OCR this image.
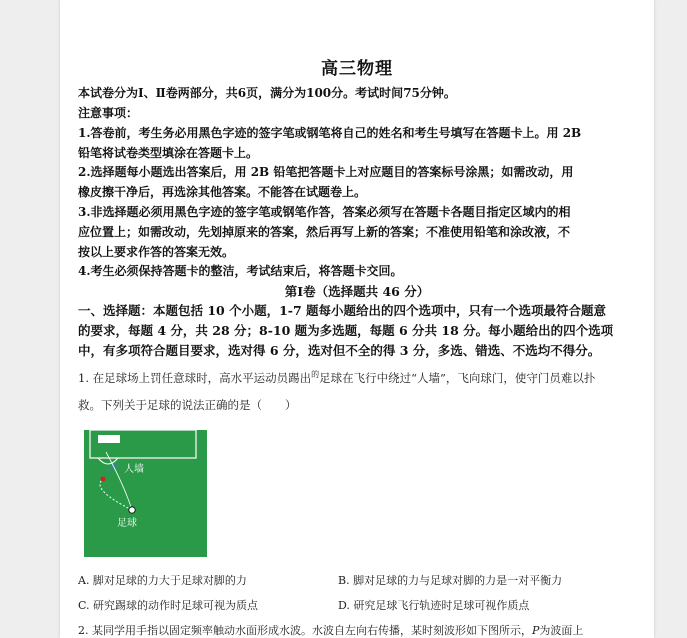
高三物理
本试卷分为Ⅰ、Ⅱ卷两部分，共6页，满分为100分。考试时间75分钟。
注意事项：
1.答卷前，考生务必用黑色字迹的签字笔或钢笔将自己的姓名和考生号填写在答题卡上。用 2B
铅笔将试卷类型填涂在答题卡上。
2.选择题每小题选出答案后，用 2B 铅笔把答题卡上对应题目的答案标号涂黑；如需改动，用
橡皮擦干净后，再选涂其他答案。不能答在试题卷上。
3.非选择题必须用黑色字迹的签字笔或钢笔作答，答案必须写在答题卡各题目指定区域内的相
应位置上；如需改动，先划掉原来的答案，然后再写上新的答案；不准使用铅笔和涂改液，不
按以上要求作答的答案无效。
4.考生必须保持答题卡的整洁，考试结束后，将答题卡交回。
第Ⅰ卷（选择题共 46 分）
一、选择题：本题包括 10 个小题，1-7 题每小题给出的四个选项中，只有一个选项最符合题意
的要求，每题 4 分，共 28 分；8-10 题为多选题，每题 6 分共 18 分。每小题给出的四个选项
中，有多项符合题目要求，选对得 6 分，选对但不全的得 3 分，多选、错选、不选均不得分。
1. 在足球场上罚任意球时，高水平运动员踢出$^的$足球在飞行中绕过“人墙”，飞向球门，使守门员难以扑
救。下列关于足球的说法正确的是（　　）
人墙
足球
A. 脚对足球的力大于足球对脚的力	B. 脚对足球的力与足球对脚的力是一对平衡力
C. 研究踢球的动作时足球可视为质点	D. 研究足球飞行轨迹时足球可视作质点
2. 某同学用手指以固定频率触动水面形成水波。水波自左向右传播，某时刻波形如下图所示，P为波面上
